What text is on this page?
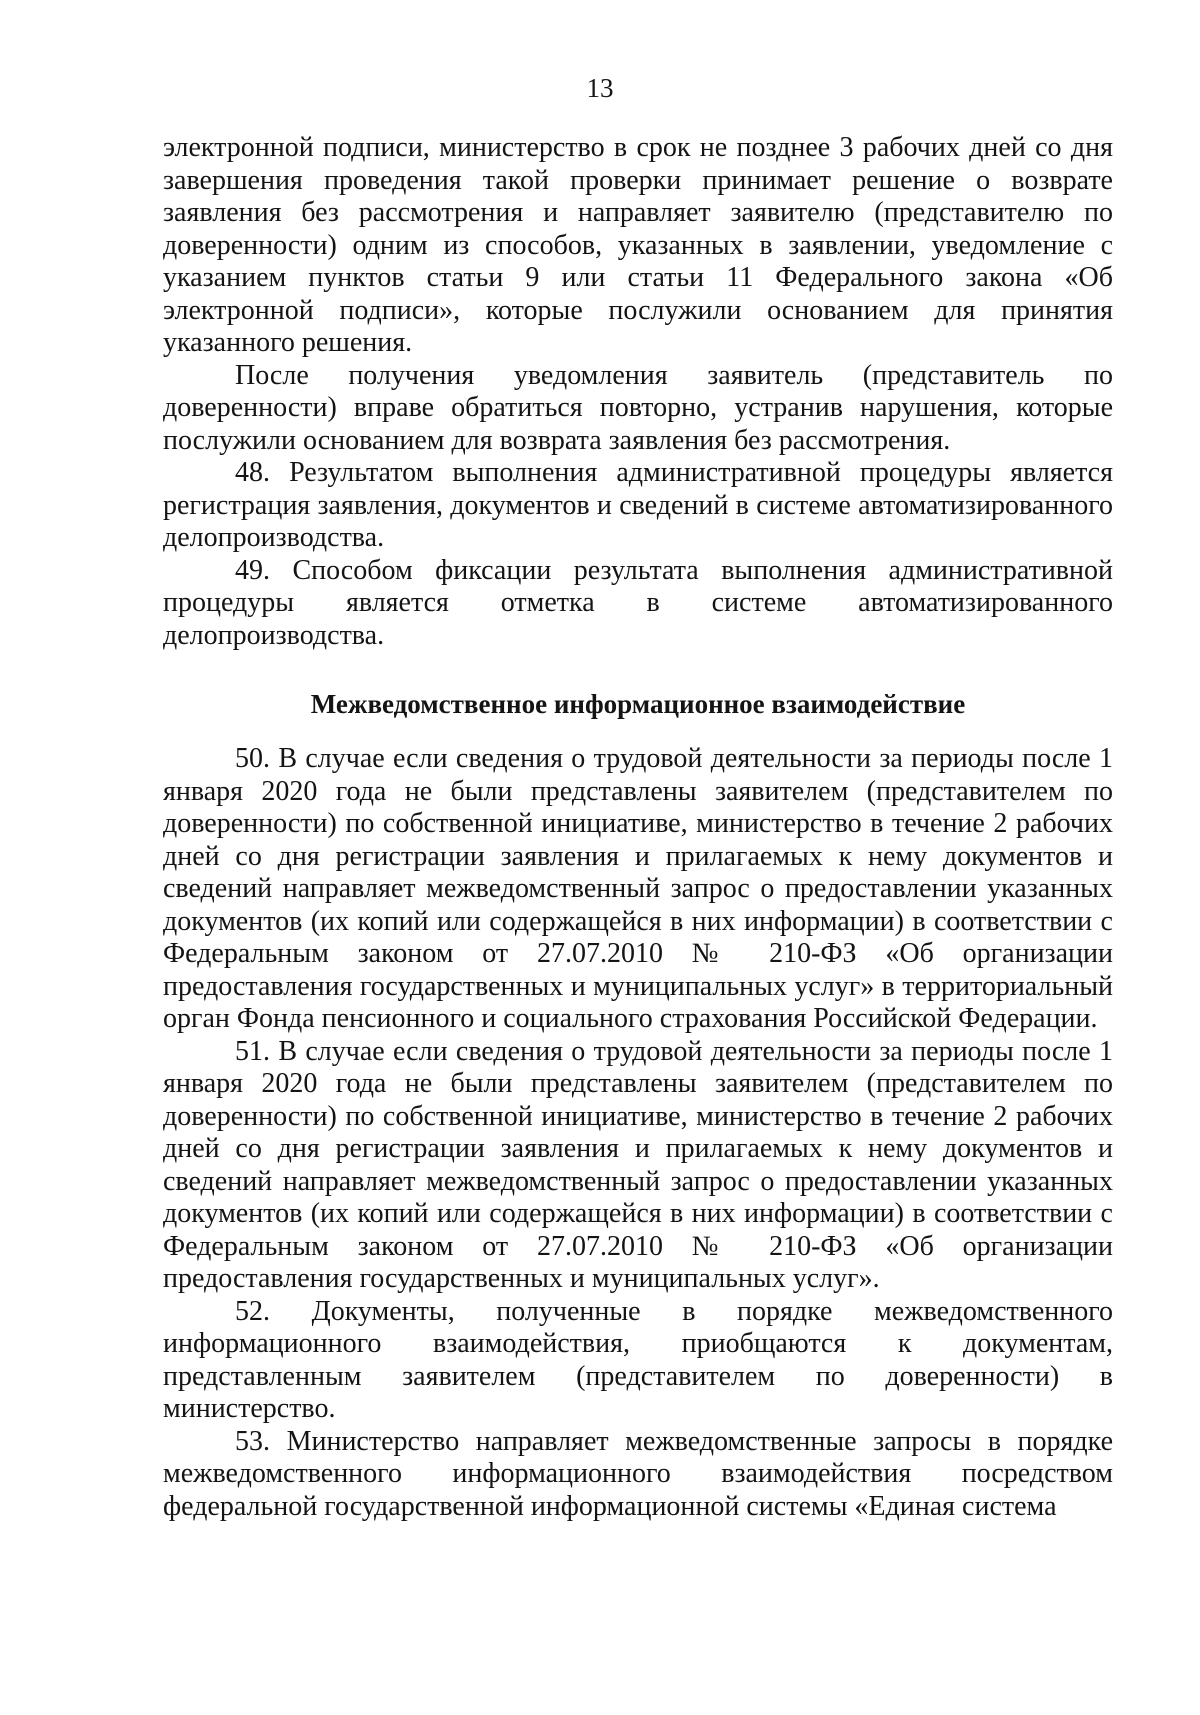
13

электронной подписи, министерство в срок не позднее 3 рабочих дней со дня завершения проведения такой проверки принимает решение о возврате заявления без рассмотрения и направляет заявителю (представителю по доверенности) одним из способов, указанных в заявлении, уведомление с указанием пунктов статьи 9 или статьи 11 Федерального закона «Об электронной подписи», которые послужили основанием для принятия указанного решения.

После получения уведомления заявитель (представитель по доверенности) вправе обратиться повторно, устранив нарушения, которые послужили основанием для возврата заявления без рассмотрения.

48. Результатом выполнения административной процедуры является регистрация заявления, документов и сведений в системе автоматизированного делопроизводства.

49. Способом фиксации результата выполнения административной процедуры является отметка в системе автоматизированного делопроизводства.

Межведомственное информационное взаимодействие

50. В случае если сведения о трудовой деятельности за периоды после 1 января 2020 года не были представлены заявителем (представителем по доверенности) по собственной инициативе, министерство в течение 2 рабочих дней со дня регистрации заявления и прилагаемых к нему документов и сведений направляет межведомственный запрос о предоставлении указанных документов (их копий или содержащейся в них информации) в соответствии с Федеральным законом от 27.07.2010 № 210-ФЗ «Об организации предоставления государственных и муниципальных услуг» в территориальный орган Фонда пенсионного и социального страхования Российской Федерации.

51. В случае если сведения о трудовой деятельности за периоды после 1 января 2020 года не были представлены заявителем (представителем по доверенности) по собственной инициативе, министерство в течение 2 рабочих дней со дня регистрации заявления и прилагаемых к нему документов и сведений направляет межведомственный запрос о предоставлении указанных документов (их копий или содержащейся в них информации) в соответствии с Федеральным законом от 27.07.2010 № 210-ФЗ «Об организации предоставления государственных и муниципальных услуг».

52. Документы, полученные в порядке межведомственного информационного взаимодействия, приобщаются к документам, представленным заявителем (представителем по доверенности) в министерство.

53. Министерство направляет межведомственные запросы в порядке межведомственного информационного взаимодействия посредством федеральной государственной информационной системы «Единая система
